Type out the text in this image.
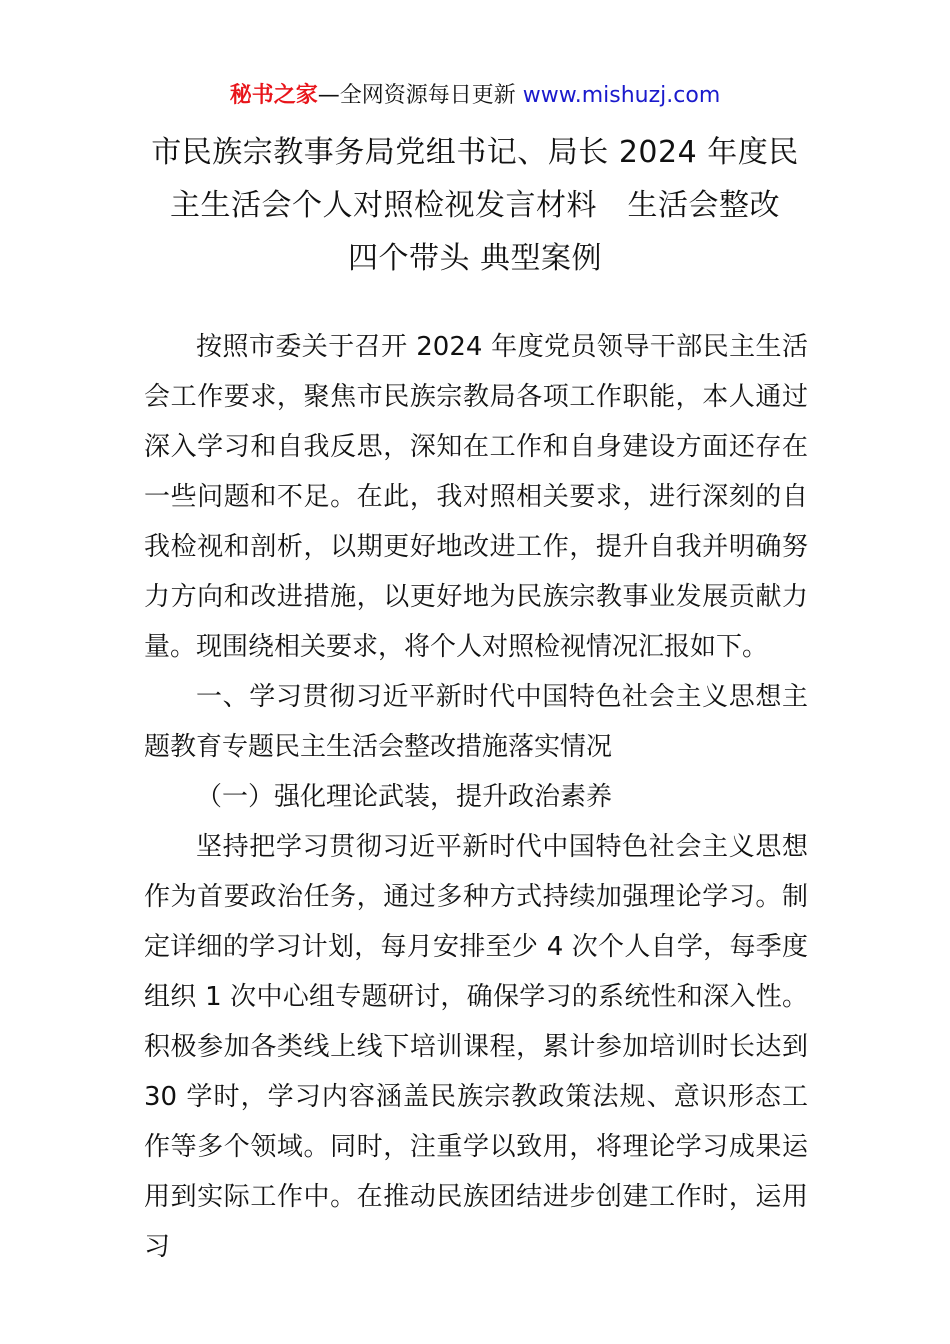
秘书之家—全网资源每日更新 www.mishuzj.com
市民族宗教事务局党组书记、局长 2024 年度民
主生活会个人对照检视发言材料　生活会整改
四个带头 典型案例

按照市委关于召开 2024 年度党员领导干部民主生活会工作要求，聚焦市民族宗教局各项工作职能，本人通过深入学习和自我反思，深知在工作和自身建设方面还存在一些问题和不足。在此，我对照相关要求，进行深刻的自我检视和剖析，以期更好地改进工作，提升自我并明确努力方向和改进措施，以更好地为民族宗教事业发展贡献力量。现围绕相关要求，将个人对照检视情况汇报如下。

一、学习贯彻习近平新时代中国特色社会主义思想主题教育专题民主生活会整改措施落实情况

（一）强化理论武装，提升政治素养

坚持把学习贯彻习近平新时代中国特色社会主义思想作为首要政治任务，通过多种方式持续加强理论学习。制定详细的学习计划，每月安排至少 4 次个人自学，每季度组织 1 次中心组专题研讨，确保学习的系统性和深入性。积极参加各类线上线下培训课程，累计参加培训时长达到 30 学时，学习内容涵盖民族宗教政策法规、意识形态工作等多个领域。同时，注重学以致用，将理论学习成果运用到实际工作中。在推动民族团结进步创建工作时，运用习
